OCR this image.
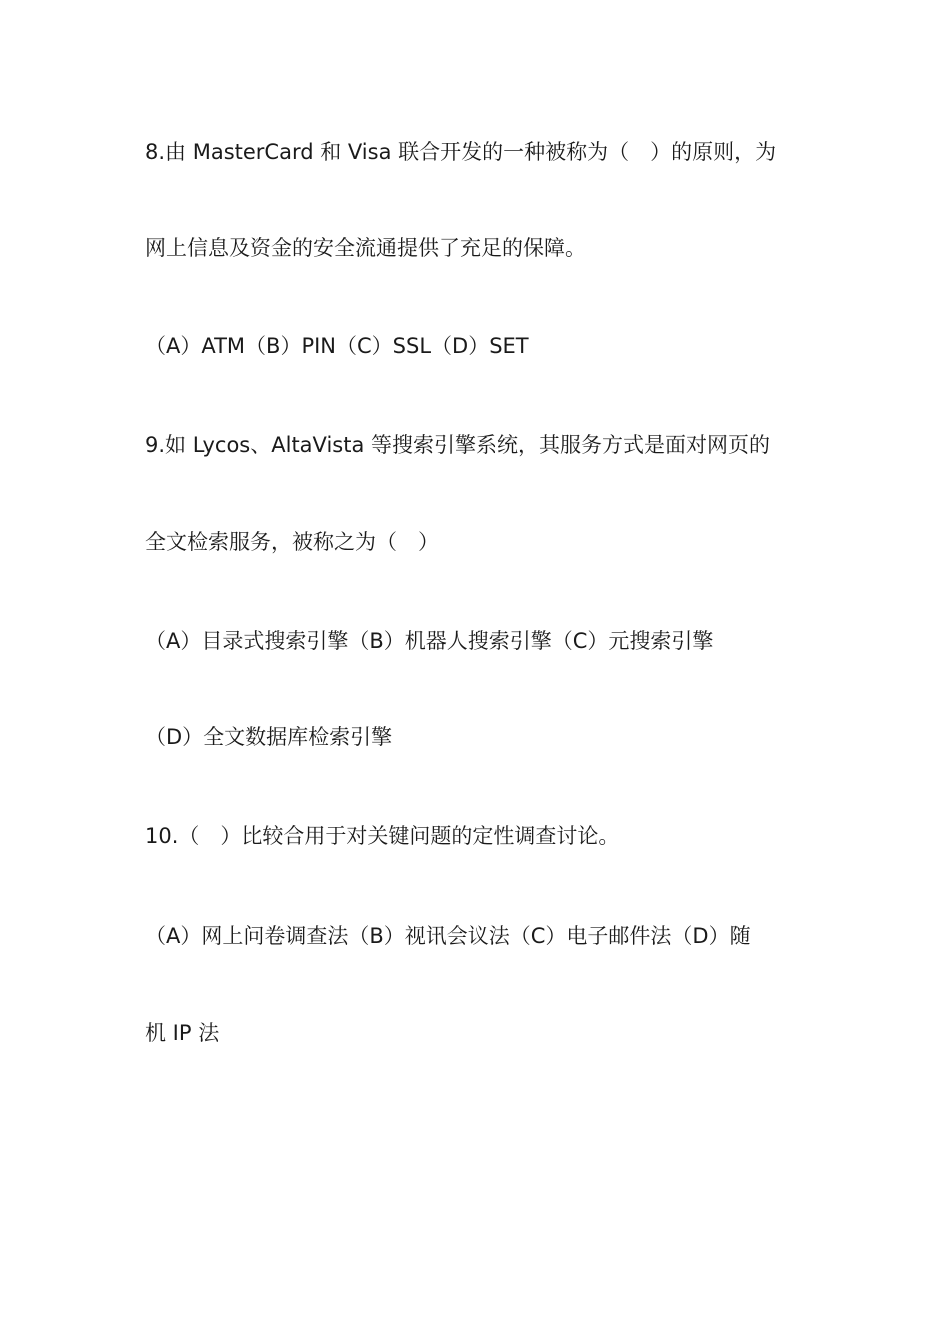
8.由 MasterCard 和 Visa 联合开发的一种被称为（　）的原则，为
网上信息及资金的安全流通提供了充足的保障。
（A）ATM（B）PIN（C）SSL（D）SET
9.如 Lycos、AltaVista 等搜索引擎系统，其服务方式是面对网页的
全文检索服务，被称之为（　）
（A）目录式搜索引擎（B）机器人搜索引擎（C）元搜索引擎
（D）全文数据库检索引擎
10.（　）比较合用于对关键问题的定性调查讨论。
（A）网上问卷调查法（B）视讯会议法（C）电子邮件法（D）随
机 IP 法
